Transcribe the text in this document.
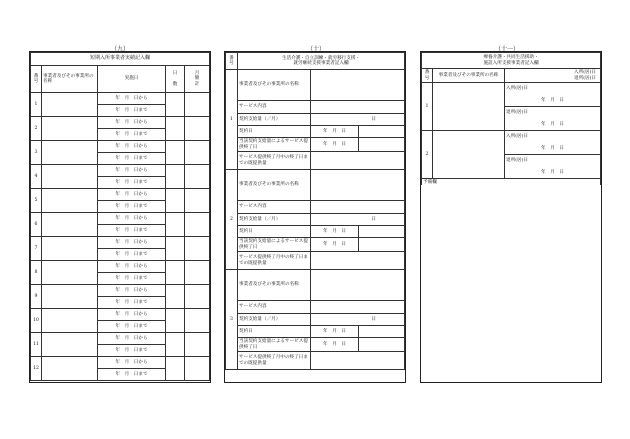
（九）
短期入所事業者実績記入欄				
番号	事業者及びその事業所の名称	実施日	日

数	月
額
計

1		年　月　日から		
		年　月　日まで		
2		年　月　日から		
		年　月　日まで		
3		年　月　日から		
		年　月　日まで		
4		年　月　日から		
		年　月　日まで		
5		年　月　日から		
		年　月　日まで		
6		年　月　日から		
		年　月　日まで		
7		年　月　日から		
		年　月　日まで		
8		年　月　日から		
		年　月　日まで		
9		年　月　日から		
		年　月　日まで		
10		年　月　日から		
		年　月　日まで		
11		年　月　日から		
		年　月　日まで		
12		年　月　日から		
		年　月　日まで		
（十）
番号	生活介護・自立訓練・就労移行支援・
就労継続支援事業者記入欄		

1	事業者及びその事業所の名称		
	サービス内容		
	契約支給量（／月）	日	
	契約日	年　月　日	
	当該契約支給量によるサービス提供終了日	年　月　日	
	サービス提供終了月中の終了日までの既提供量		
2	事業者及びその事業所の名称		
	サービス内容		
	契約支給量（／月）	日	
	契約日	年　月　日	
	当該契約支給量によるサービス提供終了日	年　月　日	
	サービス提供終了月中の終了日までの既提供量		
3	事業者及びその事業所の名称		
	サービス内容		
	契約支給量（／月）	日	
	契約日	年　月　日	
	当該契約支給量によるサービス提供終了日	年　月　日	
	サービス提供終了月中の終了日までの既提供量		
（十一）
療養介護・共同生活援助・
施設入所支援事業者記入欄		

番号	事業者及びその事業所の名称	入所(居)日
退所(居)日

1		入所(居)日
		年　月　日
		退所(居)日
		年　月　日
2		入所(居)日
		年　月　日
		退所(居)日
		年　月　日
予備欄		
